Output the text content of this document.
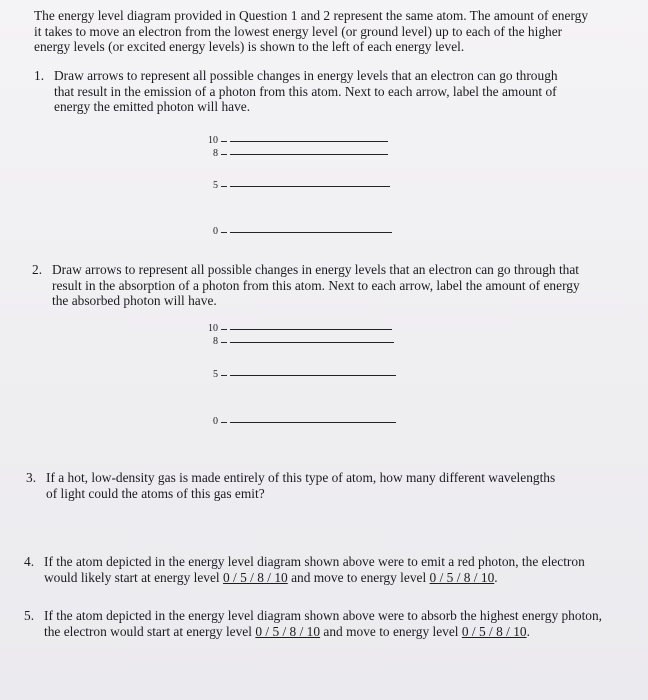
The energy level diagram provided in Question 1 and 2 represent the same atom. The amount of energy it takes to move an electron from the lowest energy level (or ground level) up to each of the higher energy levels (or excited energy levels) is shown to the left of each energy level.
1. Draw arrows to represent all possible changes in energy levels that an electron can go through that result in the emission of a photon from this atom. Next to each arrow, label the amount of energy the emitted photon will have.
10
8
5
0
2. Draw arrows to represent all possible changes in energy levels that an electron can go through that result in the absorption of a photon from this atom. Next to each arrow, label the amount of energy the absorbed photon will have.
10
8
5
0
3. If a hot, low-density gas is made entirely of this type of atom, how many different wavelengths of light could the atoms of this gas emit?
4. If the atom depicted in the energy level diagram shown above were to emit a red photon, the electron would likely start at energy level 0 / 5 / 8 / 10 and move to energy level 0 / 5 / 8 / 10.
5. If the atom depicted in the energy level diagram shown above were to absorb the highest energy photon, the electron would start at energy level 0 / 5 / 8 / 10 and move to energy level 0 / 5 / 8 / 10.
